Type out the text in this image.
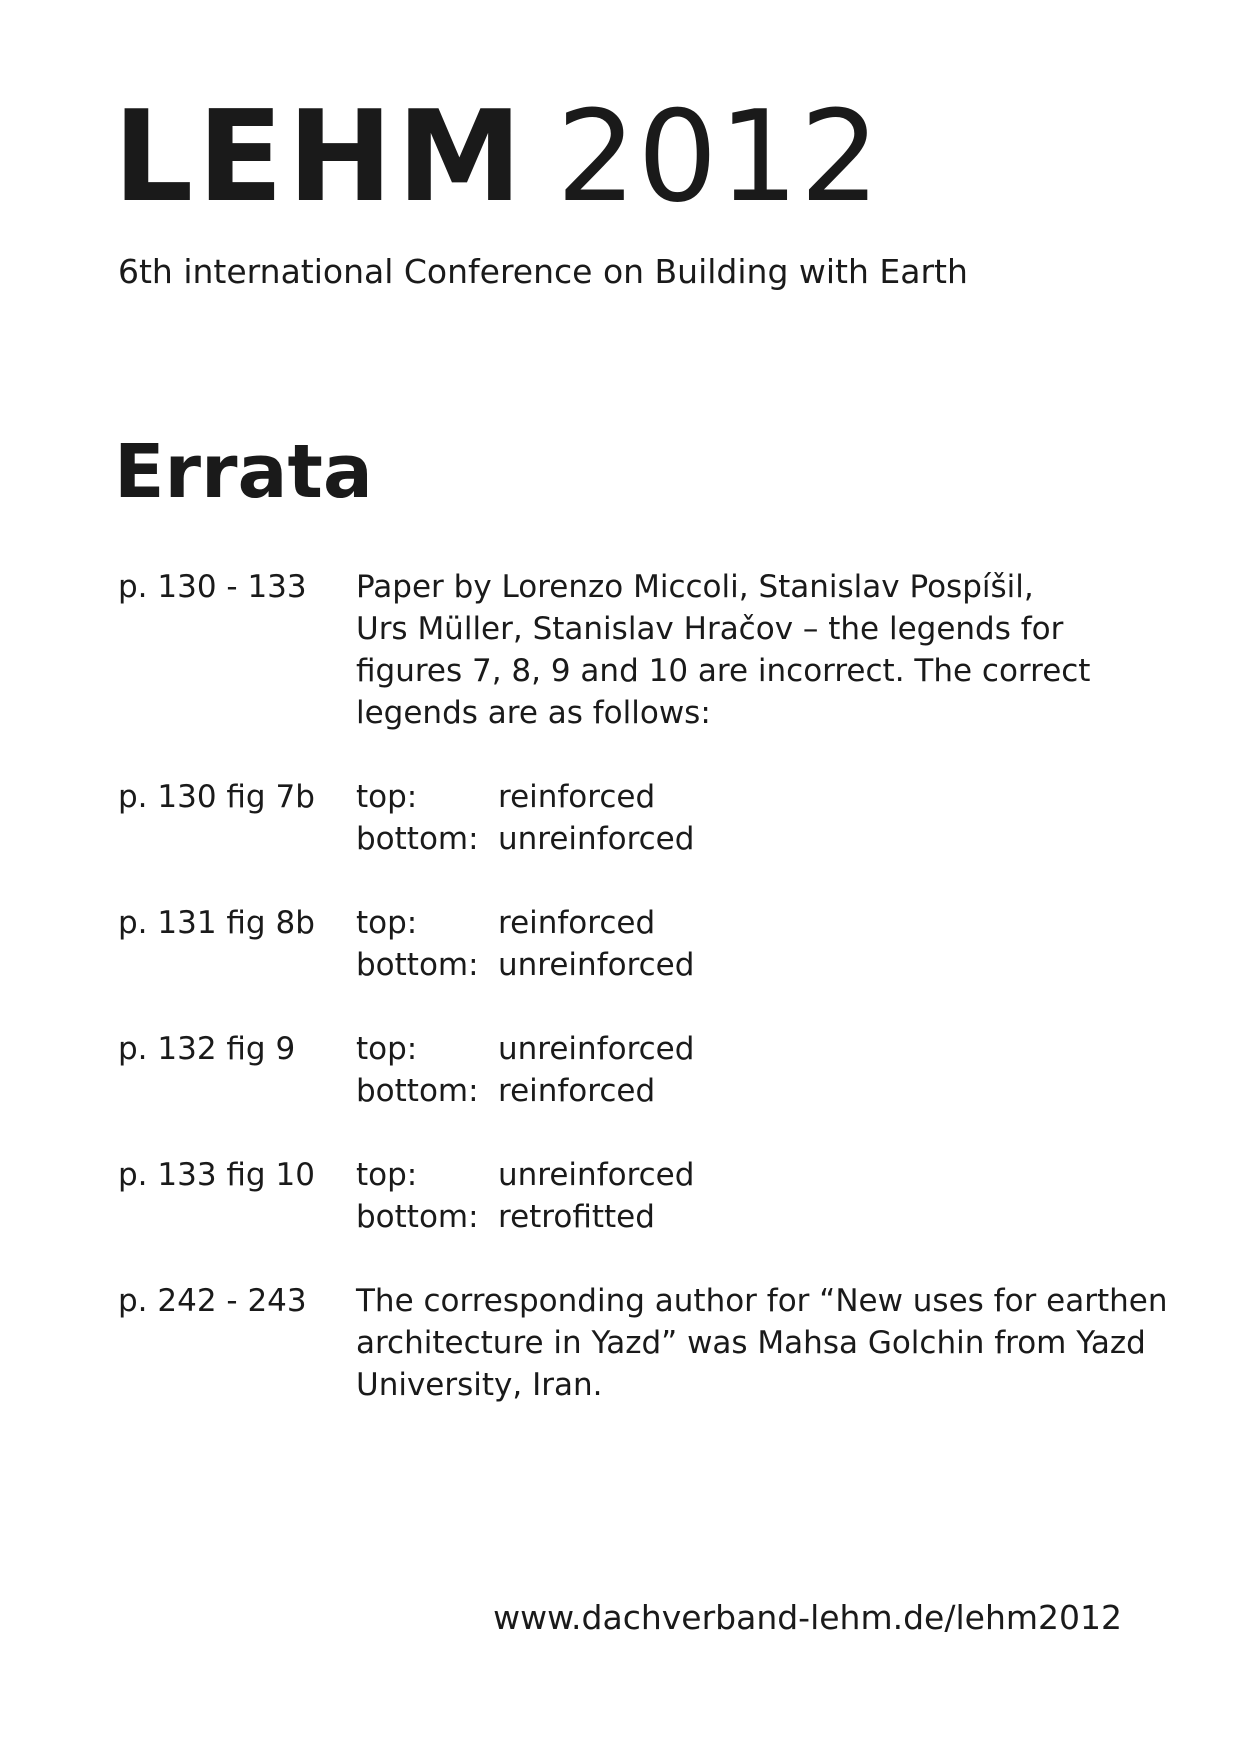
LEHM 2012
6th international Conference on Building with Earth
Errata
p. 130 - 133	Paper by Lorenzo Miccoli, Stanislav Pospíšil,
Urs Müller, Stanislav Hračov – the legends for
figures 7, 8, 9 and 10 are incorrect. The correct
legends are as follows:
p. 130 fig 7b	top:	reinforced
bottom: unreinforced
p. 131 fig 8b	top:	reinforced
bottom: unreinforced
p. 132 fig 9	top:	unreinforced
bottom: reinforced
p. 133 fig 10	top:	unreinforced
bottom: retrofitted
p. 242 - 243	The corresponding author for “New uses for earthen
architecture in Yazd” was Mahsa Golchin from Yazd
University, Iran.
www.dachverband-lehm.de/lehm2012
